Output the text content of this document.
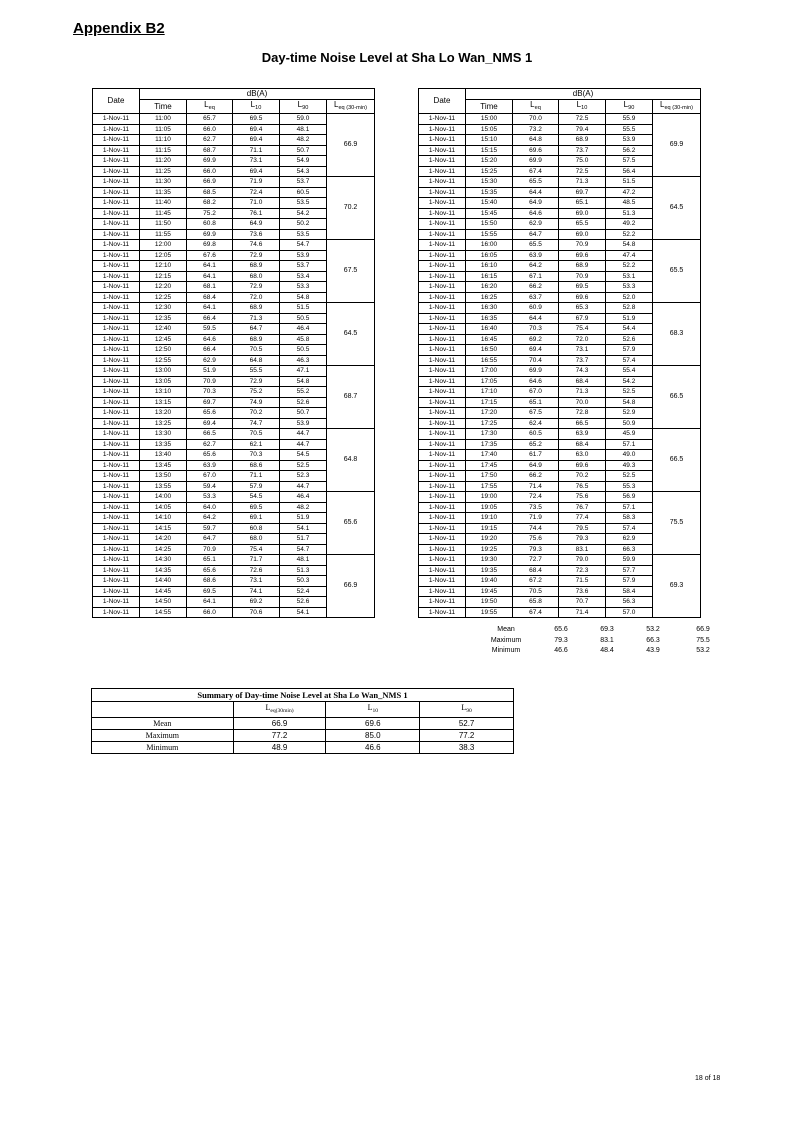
Appendix B2
Day-time Noise Level at Sha Lo Wan_NMS 1
Date	dB(A)				
	Time	$L_{eq}$	$L_{10}$	$L_{90}$	$L_{eq (30-min)}$
1-Nov-11	11:00	65.7	69.5	59.0	66.9
1-Nov-11	11:05	66.0	69.4	48.1	
1-Nov-11	11:10	62.7	69.4	48.2	
1-Nov-11	11:15	68.7	71.1	50.7	
1-Nov-11	11:20	69.9	73.1	54.9	
1-Nov-11	11:25	66.0	69.4	54.3	
1-Nov-11	11:30	66.9	71.9	53.7	70.2
1-Nov-11	11:35	68.5	72.4	60.5	
1-Nov-11	11:40	68.2	71.0	53.5	
1-Nov-11	11:45	75.2	76.1	54.2	
1-Nov-11	11:50	60.8	64.9	50.2	
1-Nov-11	11:55	69.9	73.6	53.5	
1-Nov-11	12:00	69.8	74.6	54.7	67.5
1-Nov-11	12:05	67.6	72.9	53.9	
1-Nov-11	12:10	64.1	68.9	53.7	
1-Nov-11	12:15	64.1	68.0	53.4	
1-Nov-11	12:20	68.1	72.9	53.3	
1-Nov-11	12:25	68.4	72.0	54.8	
1-Nov-11	12:30	64.1	68.9	51.5	64.5
1-Nov-11	12:35	66.4	71.3	50.5	
1-Nov-11	12:40	59.5	64.7	46.4	
1-Nov-11	12:45	64.6	68.9	45.8	
1-Nov-11	12:50	66.4	70.5	50.5	
1-Nov-11	12:55	62.9	64.8	46.3	
1-Nov-11	13:00	51.9	55.5	47.1	68.7
1-Nov-11	13:05	70.9	72.9	54.8	
1-Nov-11	13:10	70.3	75.2	55.2	
1-Nov-11	13:15	69.7	74.9	52.6	
1-Nov-11	13:20	65.6	70.2	50.7	
1-Nov-11	13:25	69.4	74.7	53.9	
1-Nov-11	13:30	66.5	70.5	44.7	64.8
1-Nov-11	13:35	62.7	62.1	44.7	
1-Nov-11	13:40	65.6	70.3	54.5	
1-Nov-11	13:45	63.9	68.6	52.5	
1-Nov-11	13:50	67.0	71.1	52.3	
1-Nov-11	13:55	59.4	57.9	44.7	
1-Nov-11	14:00	53.3	54.5	46.4	65.6
1-Nov-11	14:05	64.0	69.5	48.2	
1-Nov-11	14:10	64.2	69.1	51.9	
1-Nov-11	14:15	59.7	60.8	54.1	
1-Nov-11	14:20	64.7	68.0	51.7	
1-Nov-11	14:25	70.9	75.4	54.7	
1-Nov-11	14:30	65.1	71.7	48.1	66.9
1-Nov-11	14:35	65.6	72.6	51.3	
1-Nov-11	14:40	68.6	73.1	50.3	
1-Nov-11	14:45	69.5	74.1	52.4	
1-Nov-11	14:50	64.1	69.2	52.6	
1-Nov-11	14:55	66.0	70.6	54.1	
Date	dB(A)				
	Time	$L_{eq}$	$L_{10}$	$L_{90}$	$L_{eq (30-min)}$
1-Nov-11	15:00	70.0	72.5	55.9	69.9
1-Nov-11	15:05	73.2	79.4	55.5	
1-Nov-11	15:10	64.8	68.9	53.9	
1-Nov-11	15:15	69.6	73.7	56.2	
1-Nov-11	15:20	69.9	75.0	57.5	
1-Nov-11	15:25	67.4	72.5	56.4	
1-Nov-11	15:30	65.5	71.3	51.5	64.5
1-Nov-11	15:35	64.4	69.7	47.2	
1-Nov-11	15:40	64.9	65.1	48.5	
1-Nov-11	15:45	64.6	69.0	51.3	
1-Nov-11	15:50	62.9	65.5	49.2	
1-Nov-11	15:55	64.7	69.0	52.2	
1-Nov-11	16:00	65.5	70.9	54.8	65.5
1-Nov-11	16:05	63.9	69.6	47.4	
1-Nov-11	16:10	64.2	68.9	52.2	
1-Nov-11	16:15	67.1	70.9	53.1	
1-Nov-11	16:20	66.2	69.5	53.3	
1-Nov-11	16:25	63.7	69.6	52.0	
1-Nov-11	16:30	60.9	65.3	52.8	68.3
1-Nov-11	16:35	64.4	67.9	51.9	
1-Nov-11	16:40	70.3	75.4	54.4	
1-Nov-11	16:45	69.2	72.0	52.6	
1-Nov-11	16:50	69.4	73.1	57.9	
1-Nov-11	16:55	70.4	73.7	57.4	
1-Nov-11	17:00	69.9	74.3	55.4	66.5
1-Nov-11	17:05	64.6	68.4	54.2	
1-Nov-11	17:10	67.0	71.3	52.5	
1-Nov-11	17:15	65.1	70.0	54.8	
1-Nov-11	17:20	67.5	72.8	52.9	
1-Nov-11	17:25	62.4	66.5	50.9	
1-Nov-11	17:30	60.5	63.9	45.9	66.5
1-Nov-11	17:35	65.2	68.4	57.1	
1-Nov-11	17:40	61.7	63.0	49.0	
1-Nov-11	17:45	64.9	69.6	49.3	
1-Nov-11	17:50	66.2	70.2	52.5	
1-Nov-11	17:55	71.4	76.5	55.3	
1-Nov-11	19:00	72.4	75.6	56.9	75.5
1-Nov-11	19:05	73.5	76.7	57.1	
1-Nov-11	19:10	71.9	77.4	58.3	
1-Nov-11	19:15	74.4	79.5	57.4	
1-Nov-11	19:20	75.6	79.3	62.9	
1-Nov-11	19:25	79.3	83.1	66.3	
1-Nov-11	19:30	72.7	79.0	59.9	69.3
1-Nov-11	19:35	68.4	72.3	57.7	
1-Nov-11	19:40	67.2	71.5	57.9	
1-Nov-11	19:45	70.5	73.6	58.4	
1-Nov-11	19:50	65.8	70.7	56.3	
1-Nov-11	19:55	67.4	71.4	57.0	
Mean	65.6	69.3	53.2	66.9
Maximum	79.3	83.1	66.3	75.5
Minimum	46.6	48.4	43.9	53.2
Summary of Day-time Noise Level at Sha Lo Wan_NMS 1			
	$L_{eq(30min)}$	$L_{10}$	$L_{90}$
Mean	66.9	69.6	52.7
Maximum	77.2	85.0	77.2
Minimum	48.9	46.6	38.3
18 of 18
